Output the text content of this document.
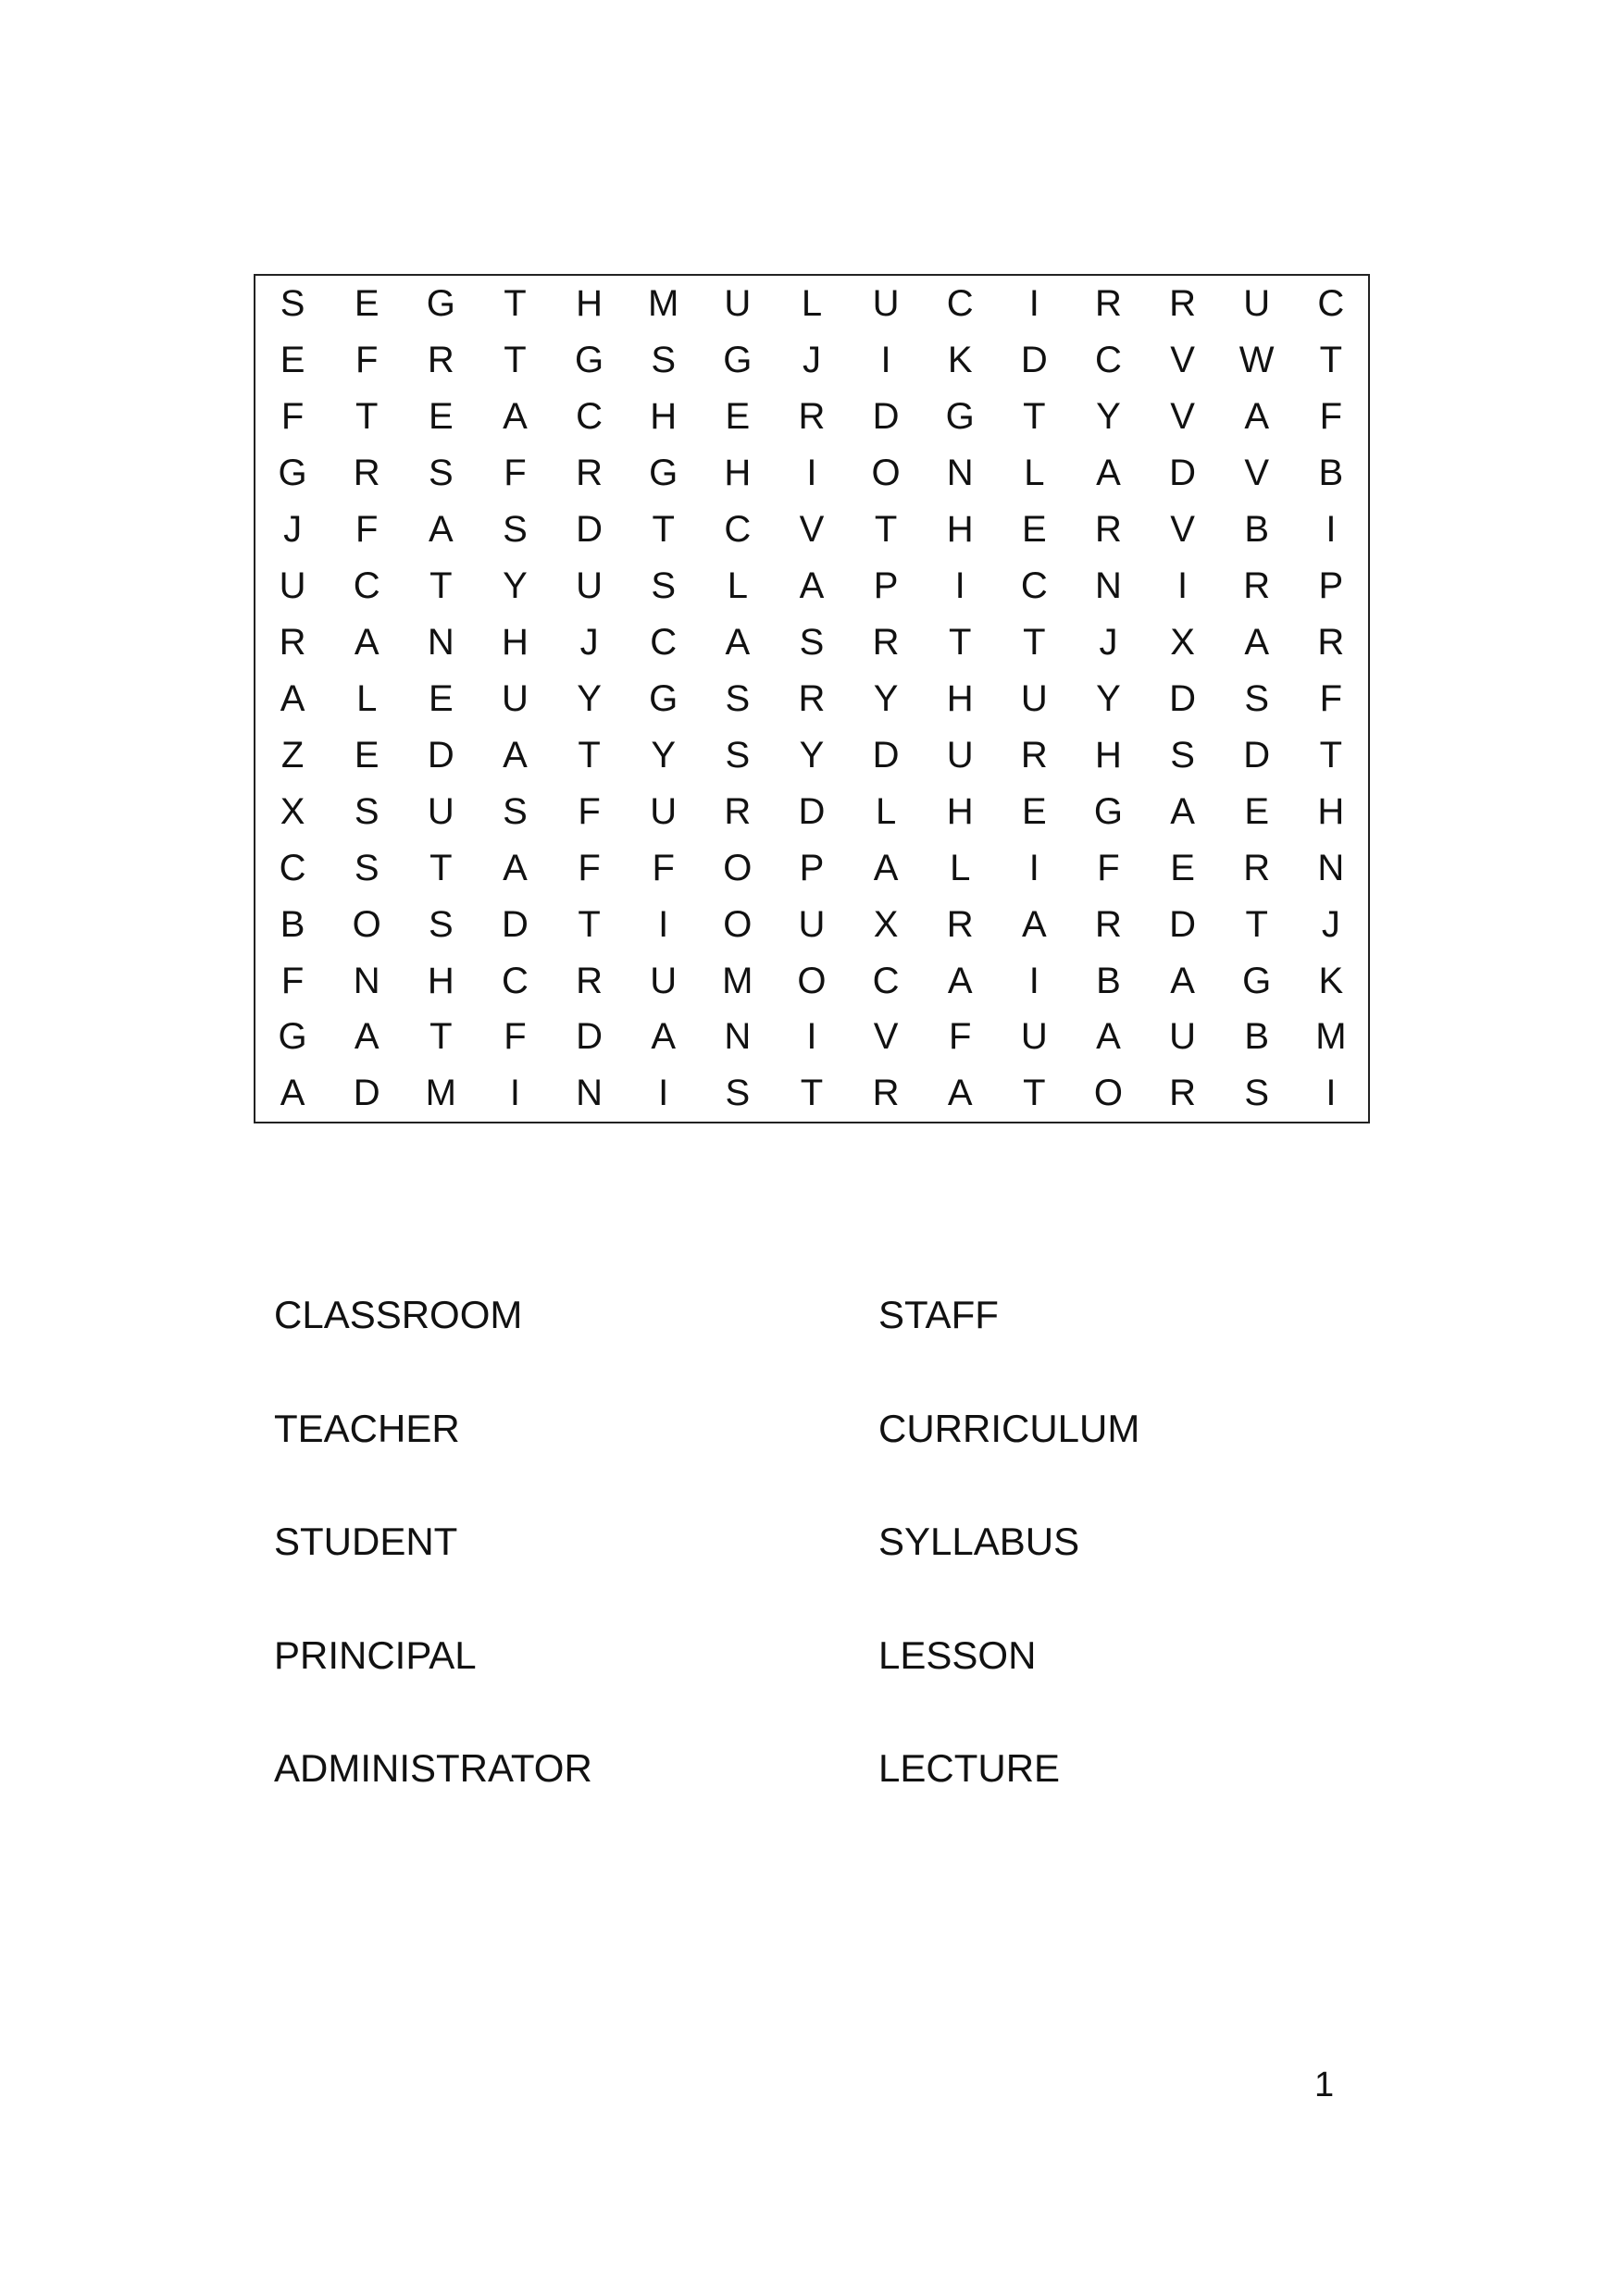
S	E	G	T	H	M	U	L	U	C	I	R	R	U	C
E	F	R	T	G	S	G	J	I	K	D	C	V	W	T
F	T	E	A	C	H	E	R	D	G	T	Y	V	A	F
G	R	S	F	R	G	H	I	O	N	L	A	D	V	B
J	F	A	S	D	T	C	V	T	H	E	R	V	B	I
U	C	T	Y	U	S	L	A	P	I	C	N	I	R	P
R	A	N	H	J	C	A	S	R	T	T	J	X	A	R
A	L	E	U	Y	G	S	R	Y	H	U	Y	D	S	F
Z	E	D	A	T	Y	S	Y	D	U	R	H	S	D	T
X	S	U	S	F	U	R	D	L	H	E	G	A	E	H
C	S	T	A	F	F	O	P	A	L	I	F	E	R	N
B	O	S	D	T	I	O	U	X	R	A	R	D	T	J
F	N	H	C	R	U	M	O	C	A	I	B	A	G	K
G	A	T	F	D	A	N	I	V	F	U	A	U	B	M
A	D	M	I	N	I	S	T	R	A	T	O	R	S	I
CLASSROOM
TEACHER
STUDENT
PRINCIPAL
ADMINISTRATOR
STAFF
CURRICULUM
SYLLABUS
LESSON
LECTURE
1
